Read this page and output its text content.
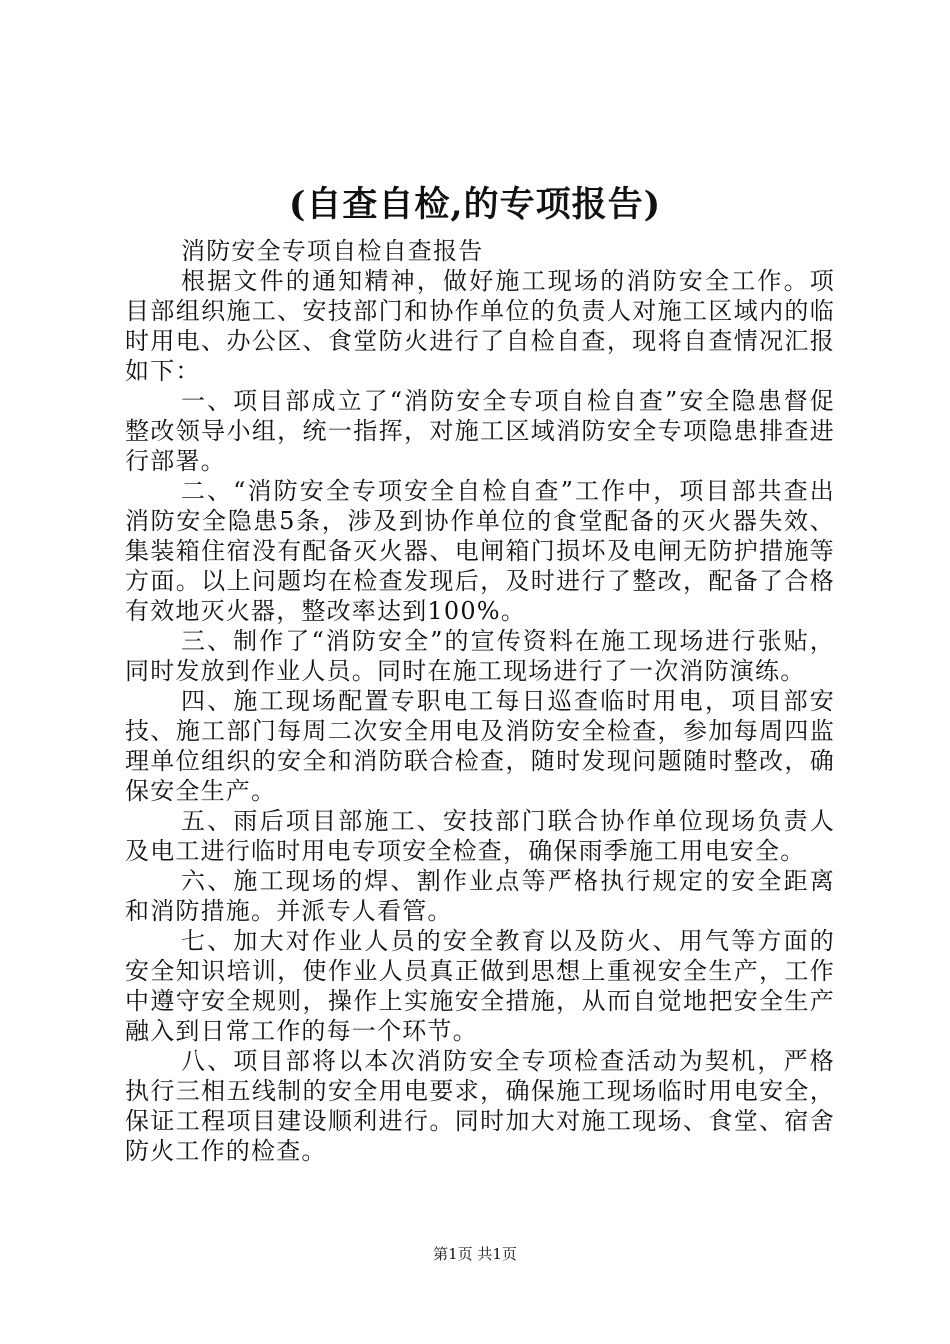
(自查自检,的专项报告)

消防安全专项自检自查报告

根据文件的通知精神，做好施工现场的消防安全工作。项目部组织施工、安技部门和协作单位的负责人对施工区域内的临时用电、办公区、食堂防火进行了自检自查，现将自查情况汇报如下：

一、项目部成立了“消防安全专项自检自查”安全隐患督促整改领导小组，统一指挥，对施工区域消防安全专项隐患排查进行部署。

二、“消防安全专项安全自检自查”工作中，项目部共查出消防安全隐患5条，涉及到协作单位的食堂配备的灭火器失效、集装箱住宿没有配备灭火器、电闸箱门损坏及电闸无防护措施等方面。以上问题均在检查发现后，及时进行了整改，配备了合格有效地灭火器，整改率达到100%。

三、制作了“消防安全”的宣传资料在施工现场进行张贴，同时发放到作业人员。同时在施工现场进行了一次消防演练。

四、施工现场配置专职电工每日巡查临时用电，项目部安技、施工部门每周二次安全用电及消防安全检查，参加每周四监理单位组织的安全和消防联合检查，随时发现问题随时整改，确保安全生产。

五、雨后项目部施工、安技部门联合协作单位现场负责人及电工进行临时用电专项安全检查，确保雨季施工用电安全。

六、施工现场的焊、割作业点等严格执行规定的安全距离和消防措施。并派专人看管。

七、加大对作业人员的安全教育以及防火、用气等方面的安全知识培训，使作业人员真正做到思想上重视安全生产，工作中遵守安全规则，操作上实施安全措施，从而自觉地把安全生产融入到日常工作的每一个环节。

八、项目部将以本次消防安全专项检查活动为契机，严格执行三相五线制的安全用电要求，确保施工现场临时用电安全，保证工程项目建设顺利进行。同时加大对施工现场、食堂、宿舍防火工作的检查。

第1页 共1页
